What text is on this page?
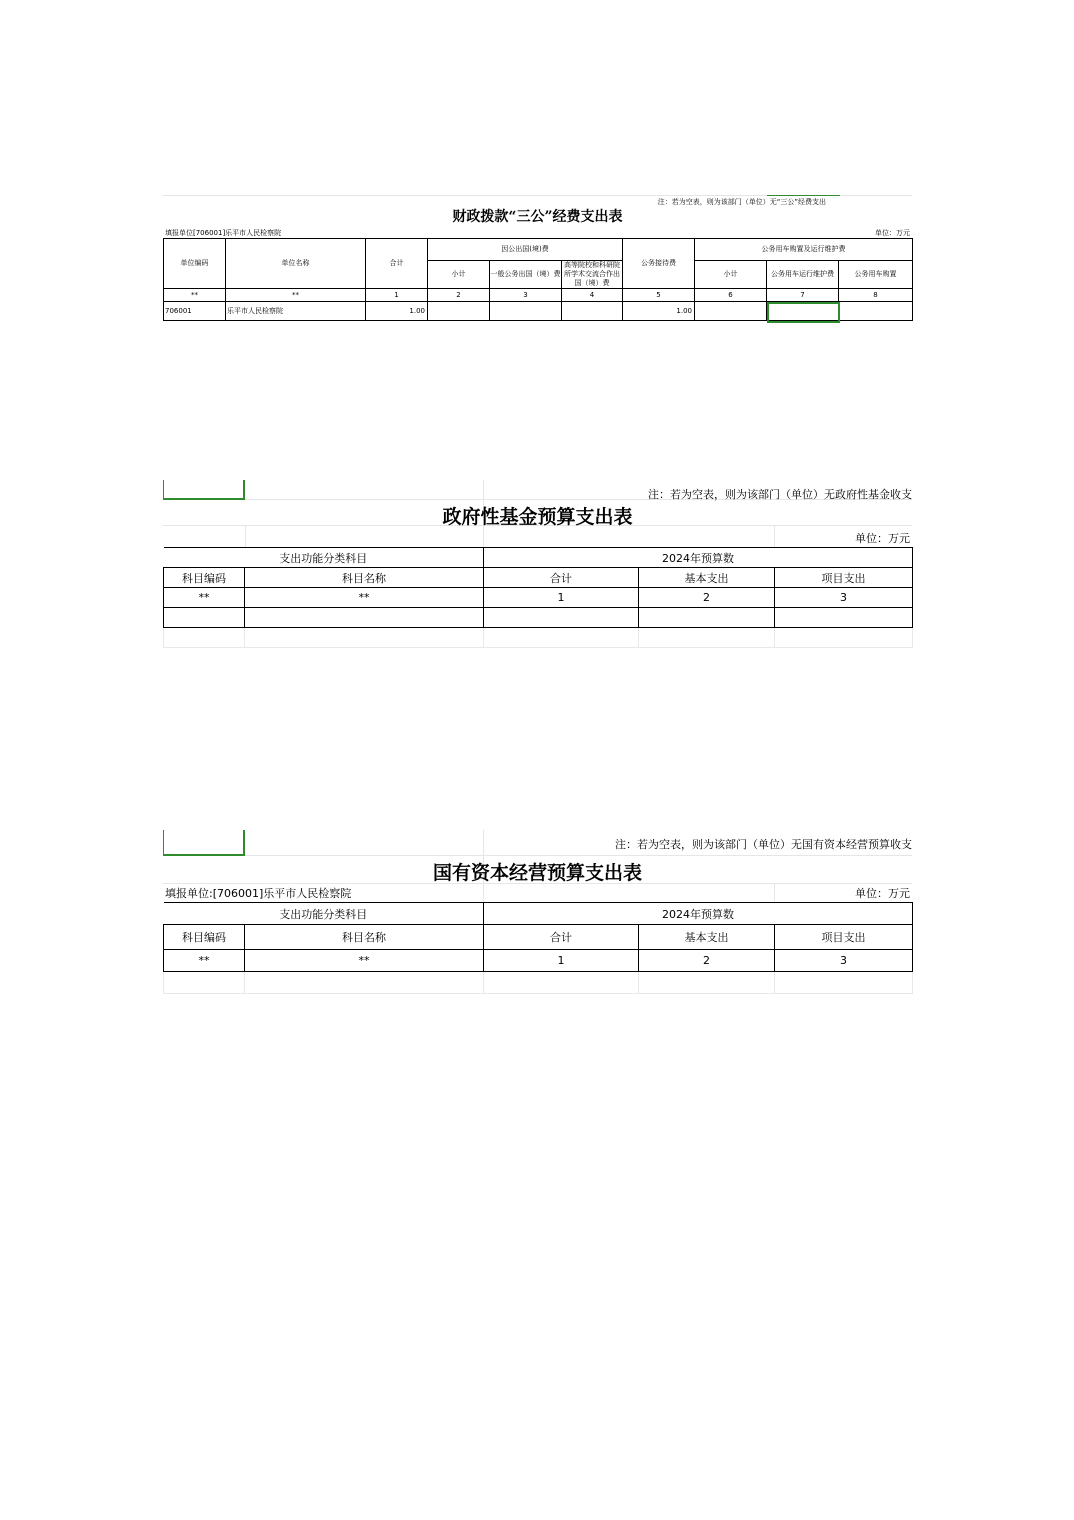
注：若为空表，则为该部门（单位）无“三公”经费支出
财政拨款“三公”经费支出表
填报单位[706001]乐平市人民检察院	单位：万元
单位编码	单位名称	合计	因公出国(境)费			公务接待费	公务用车购置及运行维护费		
			小计	一般公务出国（境）费	高等院校和科研院所学术交流合作出国（境）费		小计	公务用车运行维护费	公务用车购置
**	**	1	2	3	4	5	6	7	8
706001	乐平市人民检察院	1.00				1.00			
注：若为空表，则为该部门（单位）无政府性基金收支
政府性基金预算支出表
单位：万元
支出功能分类科目		2024年预算数		
科目编码	科目名称	合计	基本支出	项目支出
**	**	1	2	3

注：若为空表，则为该部门（单位）无国有资本经营预算收支
国有资本经营预算支出表
填报单位:[706001]乐平市人民检察院	单位：万元
支出功能分类科目		2024年预算数		
科目编码	科目名称	合计	基本支出	项目支出
**	**	1	2	3
